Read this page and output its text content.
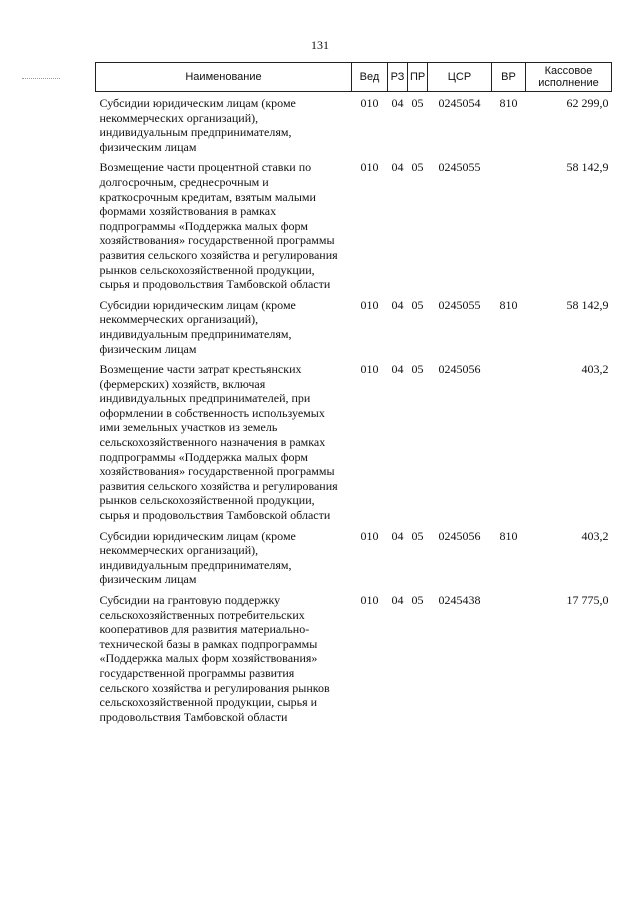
131
Наименование	Вед	РЗ	ПР	ЦСР	ВР	Кассовое исполнение
Субсидии юридическим лицам (кроме некоммерческих организаций), индивидуальным предпринимателям, физическим лицам	010	04	05	0245054	810	62 299,0
Возмещение части процентной ставки по долгосрочным, среднесрочным и краткосрочным кредитам, взятым малыми формами хозяйствования в рамках подпрограммы «Поддержка малых форм хозяйствования» государственной программы развития сельского хозяйства и регулирования рынков сельскохозяйственной продукции, сырья и продовольствия Тамбовской области	010	04	05	0245055		58 142,9
Субсидии юридическим лицам (кроме некоммерческих организаций), индивидуальным предпринимателям, физическим лицам	010	04	05	0245055	810	58 142,9
Возмещение части затрат крестьянских (фермерских) хозяйств, включая индивидуальных предпринимателей, при оформлении в собственность используемых ими земельных участков из земель сельскохозяйственного назначения в рамках подпрограммы «Поддержка малых форм хозяйствования» государственной программы развития сельского хозяйства и регулирования рынков сельскохозяйственной продукции, сырья и продовольствия Тамбовской области	010	04	05	0245056		403,2
Субсидии юридическим лицам (кроме некоммерческих организаций), индивидуальным предпринимателям, физическим лицам	010	04	05	0245056	810	403,2
Субсидии на грантовую поддержку сельскохозяйственных потребительских кооперативов для развития материально-технической базы в рамках подпрограммы «Поддержка малых форм хозяйствования» государственной программы развития сельского хозяйства и регулирования рынков сельскохозяйственной продукции, сырья и продовольствия Тамбовской области	010	04	05	0245438		17 775,0
